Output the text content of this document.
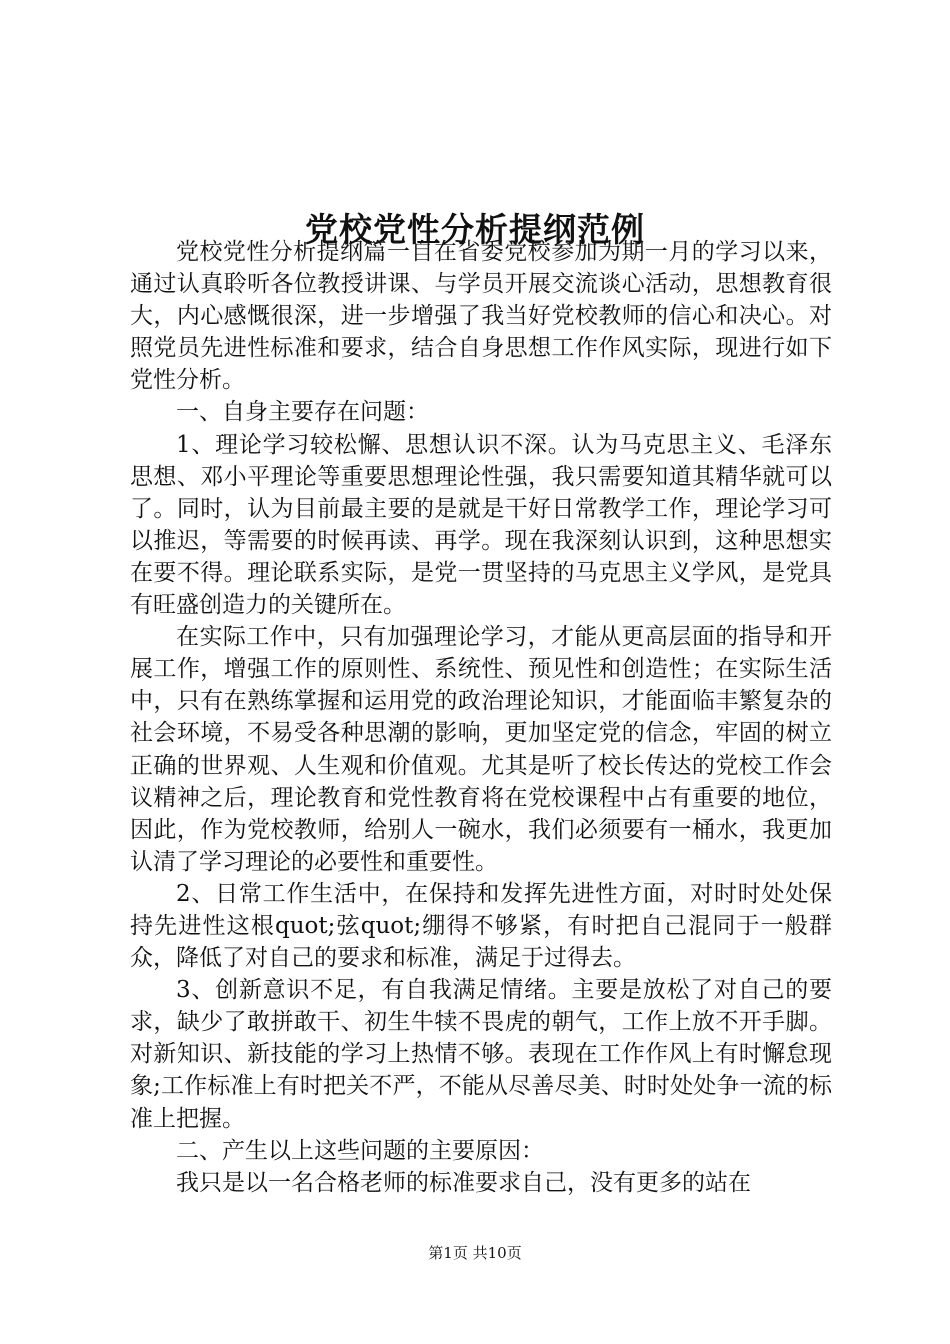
党校党性分析提纲范例

党校党性分析提纲篇一自在省委党校参加为期一月的学习以来，通过认真聆听各位教授讲课、与学员开展交流谈心活动，思想教育很大，内心感慨很深，进一步增强了我当好党校教师的信心和决心。对照党员先进性标准和要求，结合自身思想工作作风实际，现进行如下党性分析。

一、自身主要存在问题：

1、理论学习较松懈、思想认识不深。认为马克思主义、毛泽东思想、邓小平理论等重要思想理论性强，我只需要知道其精华就可以了。同时，认为目前最主要的是就是干好日常教学工作，理论学习可以推迟，等需要的时候再读、再学。现在我深刻认识到，这种思想实在要不得。理论联系实际，是党一贯坚持的马克思主义学风，是党具有旺盛创造力的关键所在。

在实际工作中，只有加强理论学习，才能从更高层面的指导和开展工作，增强工作的原则性、系统性、预见性和创造性；在实际生活中，只有在熟练掌握和运用党的政治理论知识，才能面临丰繁复杂的社会环境，不易受各种思潮的影响，更加坚定党的信念，牢固的树立正确的世界观、人生观和价值观。尤其是听了校长传达的党校工作会议精神之后，理论教育和党性教育将在党校课程中占有重要的地位，因此，作为党校教师，给别人一碗水，我们必须要有一桶水，我更加认清了学习理论的必要性和重要性。

2、日常工作生活中，在保持和发挥先进性方面，对时时处处保持先进性这根quot;弦quot;绷得不够紧，有时把自己混同于一般群众，降低了对自己的要求和标准，满足于过得去。

3、创新意识不足，有自我满足情绪。主要是放松了对自己的要求，缺少了敢拼敢干、初生牛犊不畏虎的朝气，工作上放不开手脚。对新知识、新技能的学习上热情不够。表现在工作作风上有时懈怠现象;工作标准上有时把关不严，不能从尽善尽美、时时处处争一流的标准上把握。

二、产生以上这些问题的主要原因：

我只是以一名合格老师的标准要求自己，没有更多的站在

第1页 共10页
